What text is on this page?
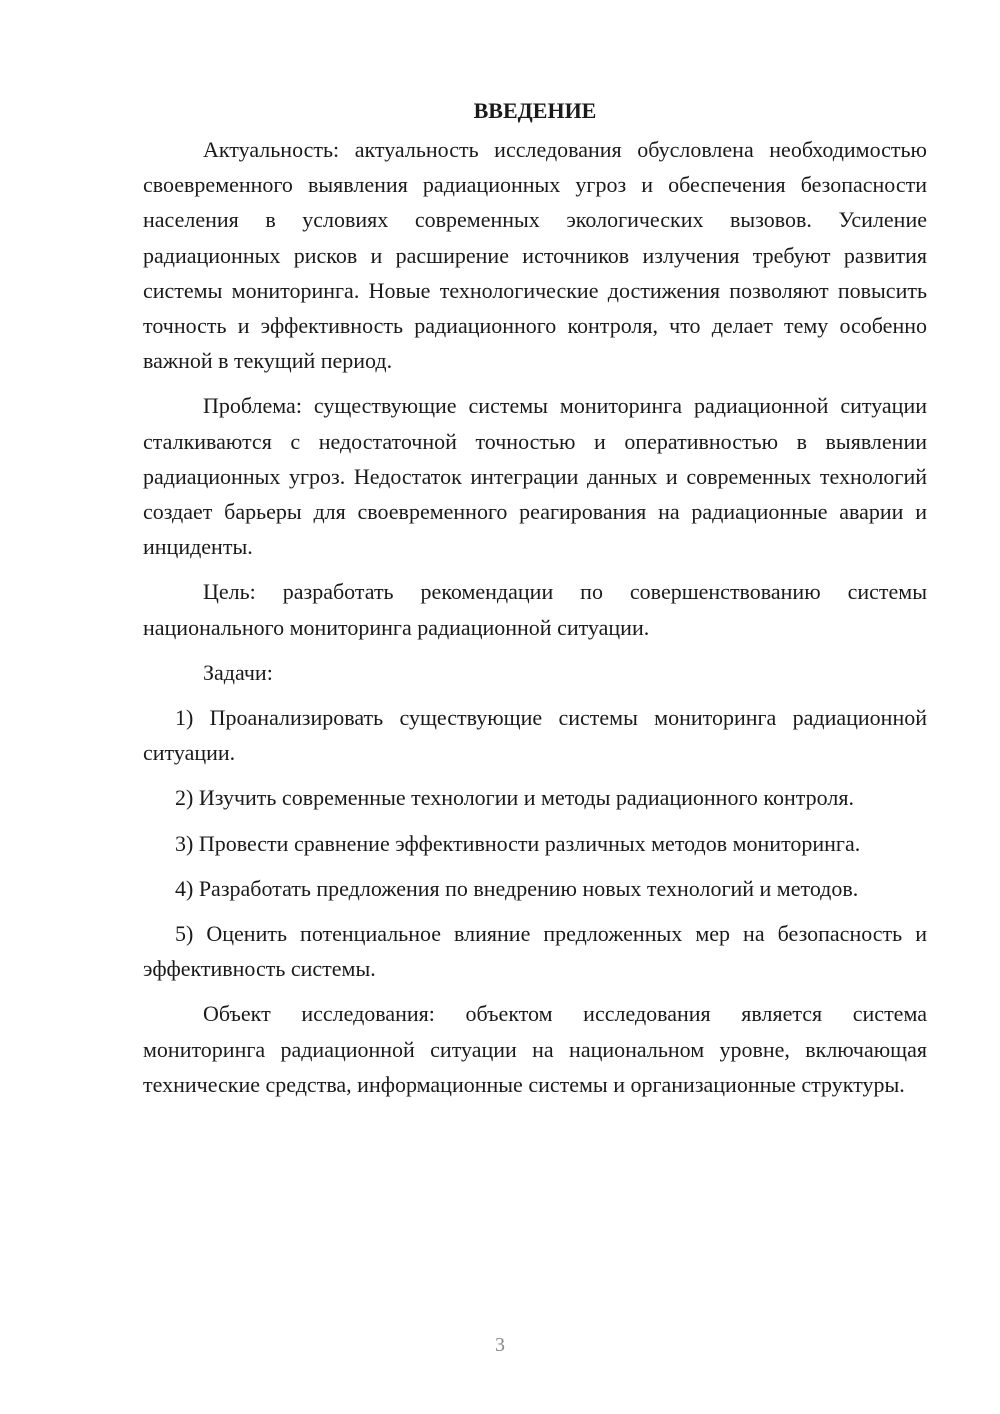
ВВЕДЕНИЕ

Актуальность: актуальность исследования обусловлена необходимостью своевременного выявления радиационных угроз и обеспечения безопасности населения в условиях современных экологических вызовов. Усиление радиационных рисков и расширение источников излучения требуют развития системы мониторинга. Новые технологические достижения позволяют повысить точность и эффективность радиационного контроля, что делает тему особенно важной в текущий период.

Проблема: существующие системы мониторинга радиационной ситуации сталкиваются с недостаточной точностью и оперативностью в выявлении радиационных угроз. Недостаток интеграции данных и современных технологий создает барьеры для своевременного реагирования на радиационные аварии и инциденты.

Цель: разработать рекомендации по совершенствованию системы национального мониторинга радиационной ситуации.

Задачи:

1) Проанализировать существующие системы мониторинга радиационной ситуации.

2) Изучить современные технологии и методы радиационного контроля.

3) Провести сравнение эффективности различных методов мониторинга.

4) Разработать предложения по внедрению новых технологий и методов.

5) Оценить потенциальное влияние предложенных мер на безопасность и эффективность системы.

Объект исследования: объектом исследования является система мониторинга радиационной ситуации на национальном уровне, включающая технические средства, информационные системы и организационные структуры.

3
